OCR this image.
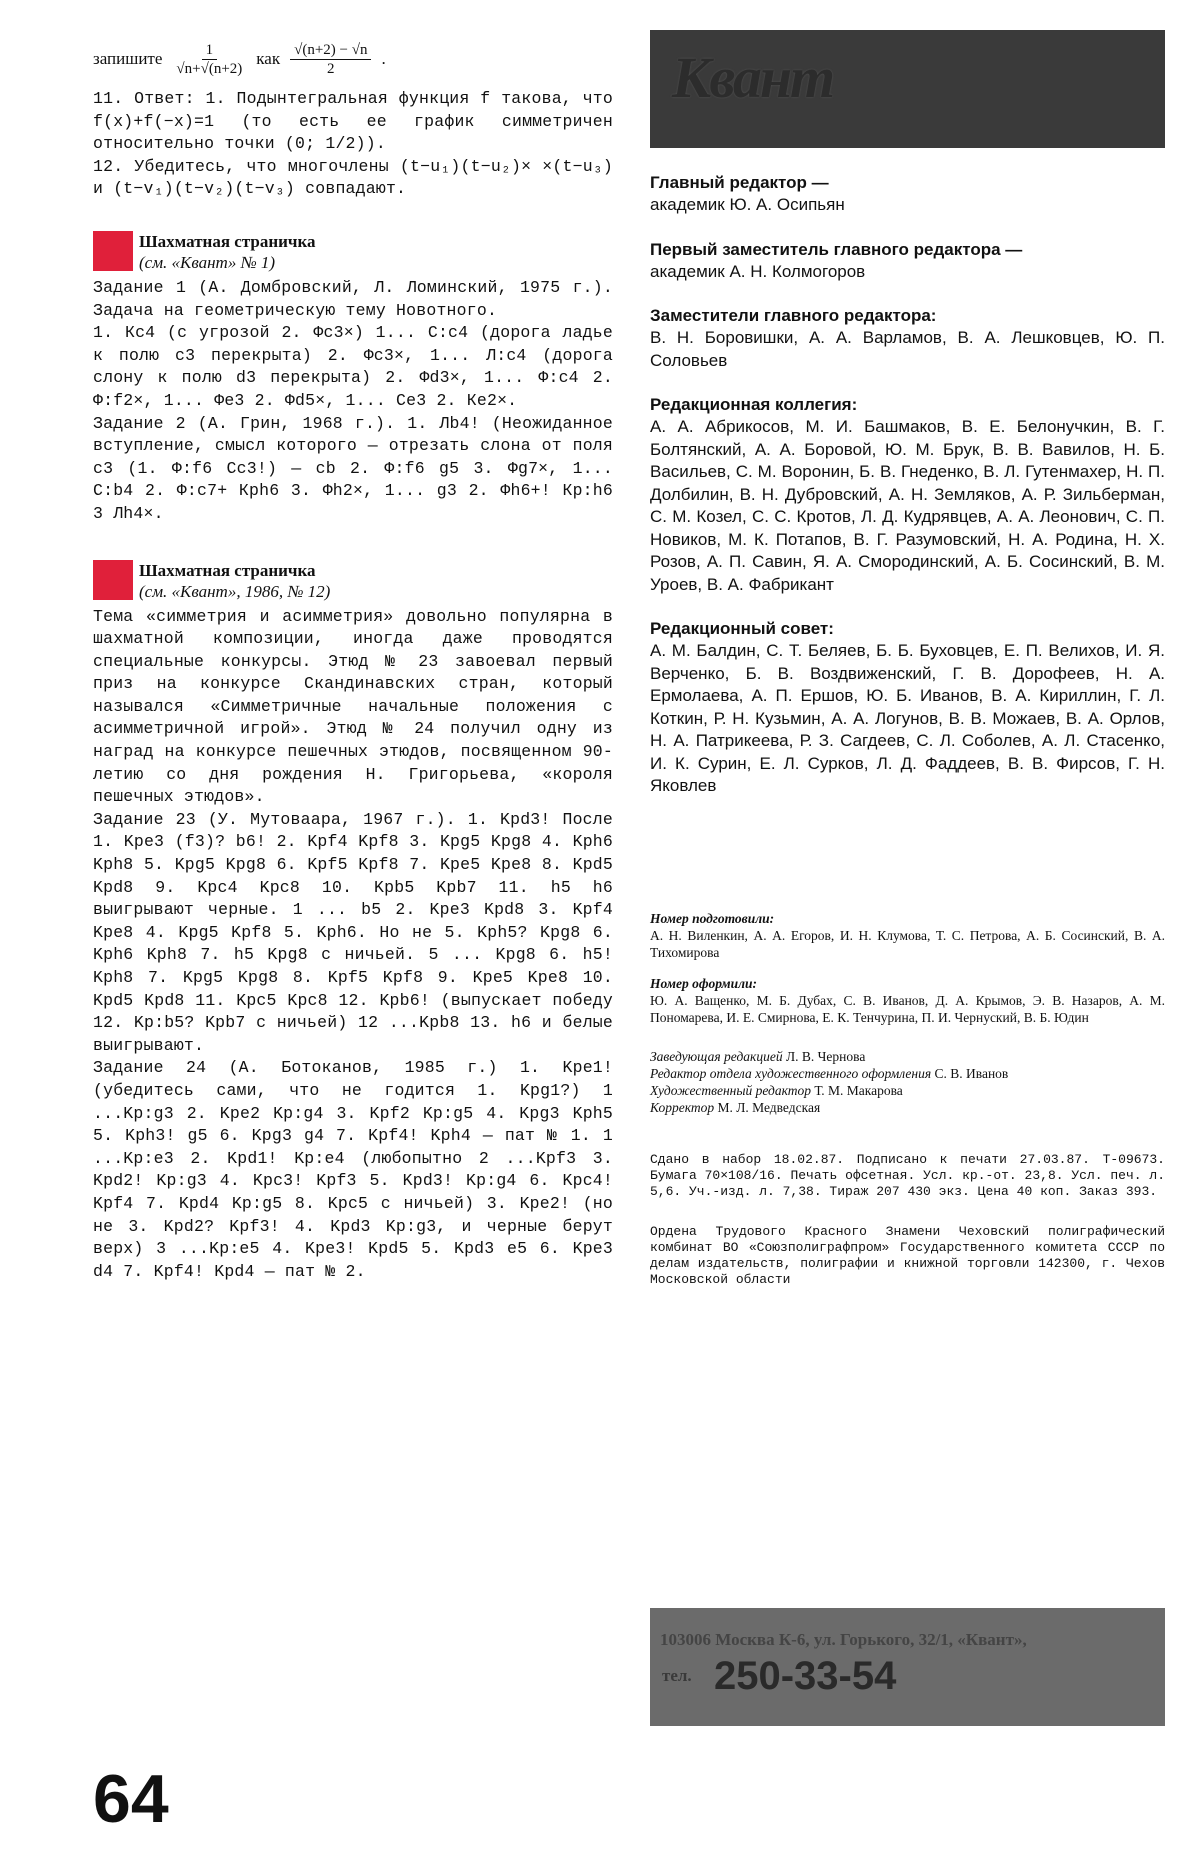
запишите $\frac{1}{√n+√(n+2)}$ как $\frac{√(n+2) - √n}{2}$ .

11. Ответ: 1. Подынтегральная функция f такова, что f(x)+f(−x)=1 (то есть ее график симметричен относительно точки (0; 1/2)).

12. Убедитесь, что многочлены (t−u₁)(t−u₂)× ×(t−u₃) и (t−v₁)(t−v₂)(t−v₃) совпадают.

Шахматная страничка
(см. «Квант» № 1)

Задание 1 (А. Домбровский, Л. Ломинский, 1975 г.). Задача на геометрическую тему Новотного.

1. Кс4 (с угрозой 2. Фс3×) 1... С:с4 (дорога ладье к полю с3 перекрыта) 2. Фс3×, 1... Л:с4 (дорога слону к полю d3 перекрыта) 2. Фd3×, 1... Ф:с4 2. Ф:f2×, 1... Фе3 2. Фd5×, 1... Се3 2. Ке2×.

Задание 2 (А. Грин, 1968 г.). 1. Лb4! (Неожиданное вступление, смысл которого — отрезать слона от поля с3 (1. Ф:f6 Сс3!) — cb 2. Ф:f6 g5 3. Фg7×, 1... С:b4 2. Ф:с7+ Крh6 3. Фh2×, 1... g3 2. Фh6+! Кр:h6 3 Лh4×.

Шахматная страничка
(см. «Квант», 1986, № 12)

Тема «симметрия и асимметрия» довольно популярна в шахматной композиции, иногда даже проводятся специальные конкурсы. Этюд № 23 завоевал первый приз на конкурсе Скандинавских стран, который назывался «Симметричные начальные положения с асимметричной игрой». Этюд № 24 получил одну из наград на конкурсе пешечных этюдов, посвященном 90-летию со дня рождения Н. Григорьева, «короля пешечных этюдов».

Задание 23 (У. Мутоваара, 1967 г.). 1. Kpd3! После 1. Kpe3 (f3)? b6! 2. Kpf4 Kpf8 3. Kpg5 Kpg8 4. Kph6 Kph8 5. Kpg5 Kpg8 6. Kpf5 Kpf8 7. Kpe5 Kpe8 8. Kpd5 Kpd8 9. Kpc4 Kpc8 10. Kpb5 Kpb7 11. h5 h6 выигрывают черные. 1 ... b5 2. Kpe3 Kpd8 3. Kpf4 Kpe8 4. Kpg5 Kpf8 5. Kph6. Но не 5. Kph5? Kpg8 6. Kph6 Kph8 7. h5 Kpg8 с ничьей. 5 ... Kpg8 6. h5! Kph8 7. Kpg5 Kpg8 8. Kpf5 Kpf8 9. Kpe5 Kpe8 10. Kpd5 Kpd8 11. Kpc5 Kpc8 12. Kpb6! (выпускает победу 12. Kp:b5? Kpb7 с ничьей) 12 ...Kpb8 13. h6 и белые выигрывают.

Задание 24 (А. Ботоканов, 1985 г.) 1. Kpe1! (убедитесь сами, что не годится 1. Kpg1?) 1 ...Kp:g3 2. Kpe2 Kp:g4 3. Kpf2 Kp:g5 4. Kpg3 Kph5 5. Kph3! g5 6. Kpg3 g4 7. Kpf4! Kph4 — пат № 1. 1 ...Kp:e3 2. Kpd1! Kp:e4 (любопытно 2 ...Kpf3 3. Kpd2! Kp:g3 4. Kpc3! Kpf3 5. Kpd3! Kp:g4 6. Kpc4! Kpf4 7. Kpd4 Kp:g5 8. Kpc5 с ничьей) 3. Kpe2! (но не 3. Kpd2? Kpf3! 4. Kpd3 Kp:g3, и черные берут верх) 3 ...Kp:e5 4. Kpe3! Kpd5 5. Kpd3 e5 6. Kpe3 d4 7. Kpf4! Kpd4 — пат № 2.

Квант
Главный редактор —
академик Ю. А. Осипьян
Первый заместитель главного редактора —
академик А. Н. Колмогоров
Заместители главного редактора:
В. Н. Боровишки, А. А. Варламов, В. А. Лешковцев, Ю. П. Соловьев
Редакционная коллегия:
А. А. Абрикосов, М. И. Башмаков, В. Е. Белонучкин, В. Г. Болтянский, А. А. Боровой, Ю. М. Брук, В. В. Вавилов, Н. Б. Васильев, С. М. Воронин, Б. В. Гнеденко, В. Л. Гутенмахер, Н. П. Долбилин, В. Н. Дубровский, А. Н. Земляков, А. Р. Зильберман, С. М. Козел, С. С. Кротов, Л. Д. Кудрявцев, А. А. Леонович, С. П. Новиков, М. К. Потапов, В. Г. Разумовский, Н. А. Родина, Н. Х. Розов, А. П. Савин, Я. А. Смородинский, А. Б. Сосинский, В. М. Уроев, В. А. Фабрикант
Редакционный совет:
А. М. Балдин, С. Т. Беляев, Б. Б. Буховцев, Е. П. Велихов, И. Я. Верченко, Б. В. Воздвиженский, Г. В. Дорофеев, Н. А. Ермолаева, А. П. Ершов, Ю. Б. Иванов, В. А. Кириллин, Г. Л. Коткин, Р. Н. Кузьмин, А. А. Логунов, В. В. Можаев, В. А. Орлов, Н. А. Патрикеева, Р. З. Сагдеев, С. Л. Соболев, А. Л. Стасенко, И. К. Сурин, Е. Л. Сурков, Л. Д. Фаддеев, В. В. Фирсов, Г. Н. Яковлев
Номер подготовили:
А. Н. Виленкин, А. А. Егоров, И. Н. Клумова, Т. С. Петрова, А. Б. Сосинский, В. А. Тихомирова
Номер оформили:
Ю. А. Ващенко, М. Б. Дубах, С. В. Иванов, Д. А. Крымов, Э. В. Назаров, А. М. Пономарева, И. Е. Смирнова, Е. К. Тенчурина, П. И. Чернуский, В. Б. Юдин
Заведующая редакцией Л. В. Чернова
Редактор отдела художественного оформления С. В. Иванов
Художественный редактор Т. М. Макарова
Корректор М. Л. Медведская
Сдано в набор 18.02.87. Подписано к печати 27.03.87. Т-09673. Бумага 70×108/16. Печать офсетная. Усл. кр.-от. 23,8. Усл. печ. л. 5,6. Уч.-изд. л. 7,38. Тираж 207 430 экз. Цена 40 коп. Заказ 393.
Ордена Трудового Красного Знамени Чеховский полиграфический комбинат ВО «Союзполиграфпром» Государственного комитета СССР по делам издательств, полиграфии и книжной торговли 142300, г. Чехов Московской области
103006 Москва К-6, ул. Горького, 32/1, «Квант»,
тел. 250-33-54
64
